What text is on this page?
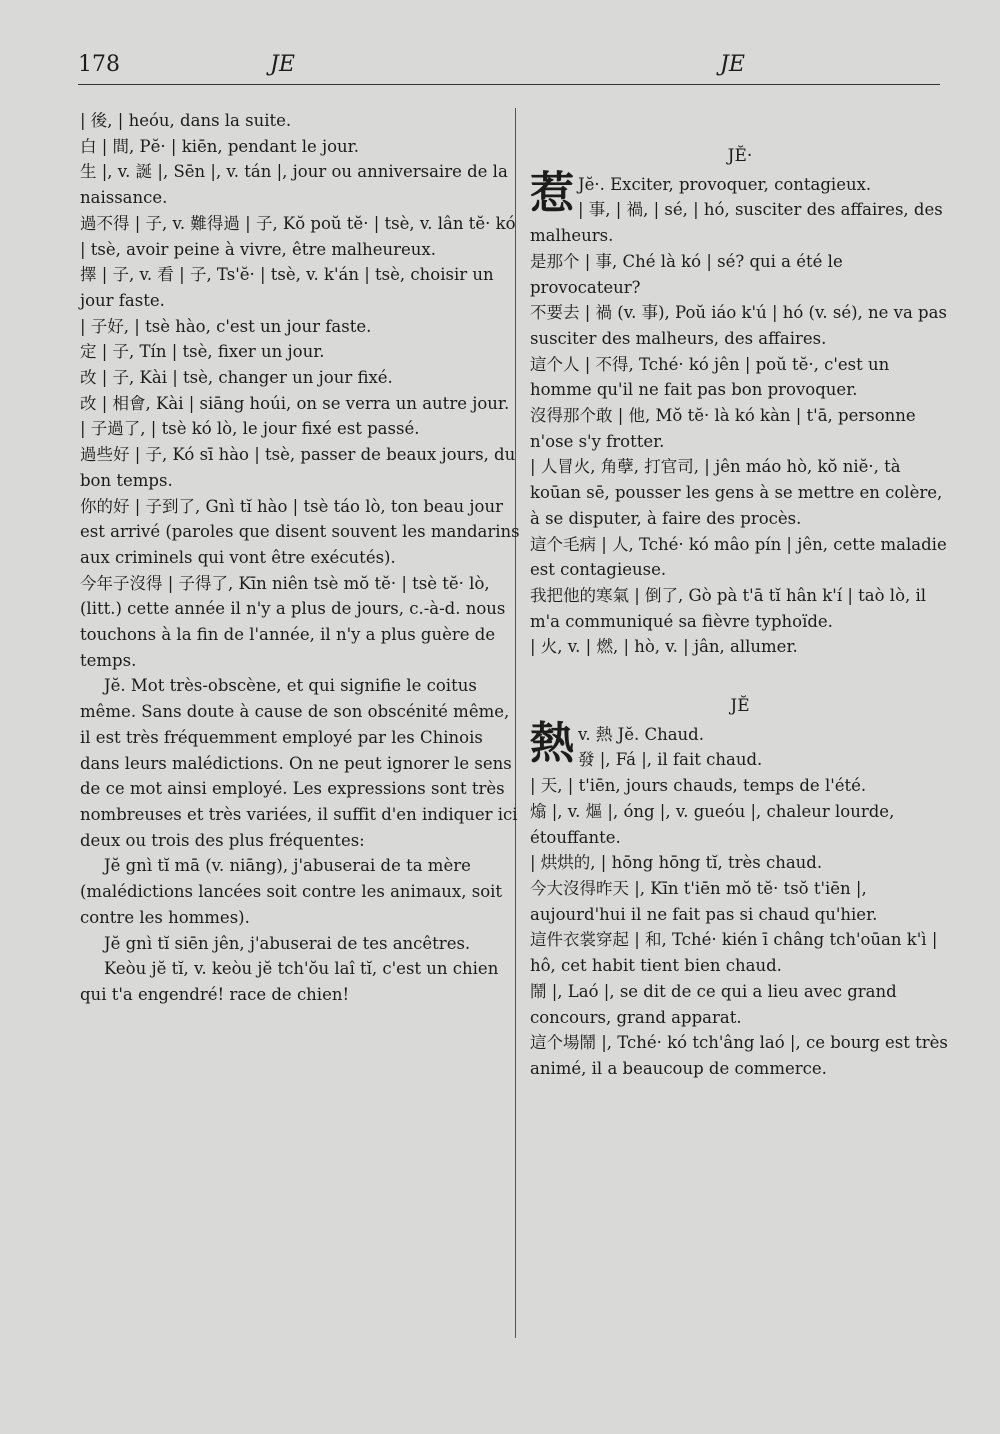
178	JE	JE

| 後, | heóu, dans la suite.

白 | 間, Pĕ· | kiēn, pendant le jour.

生 |, v. 誕 |, Sēn |, v. tán |, jour ou anniversaire de la naissance.

過不得 | 子, v. 難得過 | 子, Kŏ poŭ tĕ· | tsè, v. lân tĕ· kó | tsè, avoir peine à vivre, être malheureux.

擇 | 子, v. 看 | 子, Ts'ĕ· | tsè, v. k'án | tsè, choisir un jour faste.

| 子好, | tsè hào, c'est un jour faste.

定 | 子, Tín | tsè, fixer un jour.

改 | 子, Kài | tsè, changer un jour fixé.

改 | 相會, Kài | siāng hoúi, on se verra un autre jour.

| 子過了, | tsè kó lò, le jour fixé est passé.

過些好 | 子, Kó sī hào | tsè, passer de beaux jours, du bon temps.

你的好 | 子到了, Gnì tĭ hào | tsè táo lò, ton beau jour est arrivé (paroles que disent souvent les mandarins aux criminels qui vont être exécutés).

今年子沒得 | 子得了, Kīn niên tsè mŏ tĕ· | tsè tĕ· lò, (litt.) cette année il n'y a plus de jours, c.-à-d. nous touchons à la fin de l'année, il n'y a plus guère de temps.

Jĕ. Mot très-obscène, et qui signifie le coitus même. Sans doute à cause de son obscénité même, il est très fréquemment employé par les Chinois dans leurs malédictions. On ne peut ignorer le sens de ce mot ainsi employé. Les expressions sont très nombreuses et très variées, il suffit d'en indiquer ici deux ou trois des plus fréquentes:

Jĕ gnì tĭ mā (v. niāng), j'abuserai de ta mère (malédictions lancées soit contre les animaux, soit contre les hommes).

Jĕ gnì tĭ siēn jên, j'abuserai de tes ancêtres.

Keòu jĕ tĭ, v. keòu jĕ tch'ŏu laî tĭ, c'est un chien qui t'a engendré! race de chien!

JĔ·

惹 Jĕ·. Exciter, provoquer, contagieux.

| 事, | 禍, | sé, | hó, susciter des affaires, des malheurs.

是那个 | 事, Ché là kó | sé? qui a été le provocateur?

不要去 | 禍 (v. 事), Poŭ iáo k'ú | hó (v. sé), ne va pas susciter des malheurs, des affaires.

這个人 | 不得, Tché· kó jên | poŭ tĕ·, c'est un homme qu'il ne fait pas bon provoquer.

沒得那个敢 | 他, Mŏ tĕ· là kó kàn | t'ā, personne n'ose s'y frotter.

| 人冒火, 角孽, 打官司, | jên máo hò, kŏ niĕ·, tà koūan sē, pousser les gens à se mettre en colère, à se disputer, à faire des procès.

這个毛病 | 人, Tché· kó mâo pín | jên, cette maladie est contagieuse.

我把他的寒氣 | 倒了, Gò pà t'ā tĭ hân k'í | taò lò, il m'a communiqué sa fièvre typhoïde.

| 火, v. | 燃, | hò, v. | jân, allumer.

JĔ

熱 v. 熱 Jĕ. Chaud.

發 |, Fá |, il fait chaud.

| 天, | t'iēn, jours chauds, temps de l'été.

熻 |, v. 熰 |, óng |, v. gueóu |, chaleur lourde, étouffante.

| 烘烘的, | hōng hōng tĭ, très chaud.

今大沒得昨天 |, Kīn t'iēn mŏ tĕ· tsŏ t'iēn |, aujourd'hui il ne fait pas si chaud qu'hier.

這件衣裳穿起 | 和, Tché· kién ī châng tch'oūan k'ì | hô, cet habit tient bien chaud.

鬧 |, Laó |, se dit de ce qui a lieu avec grand concours, grand apparat.

這个場鬧 |, Tché· kó tch'âng laó |, ce bourg est très animé, il a beaucoup de commerce.
